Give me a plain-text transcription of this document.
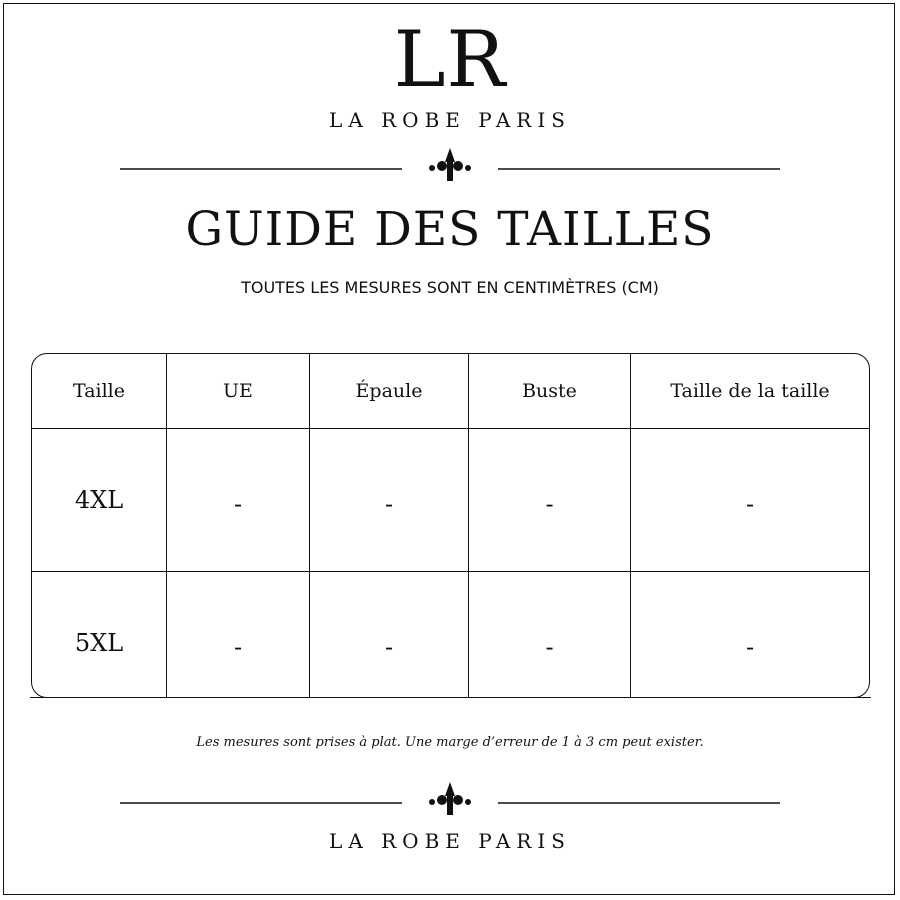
LR
LA ROBE PARIS
GUIDE DES TAILLES
TOUTES LES MESURES SONT EN CENTIMÈTRES (CM)
Taille	UE	Épaule	Buste	Taille de la taille
4XL	-	-	-	-
5XL	-	-	-	-
Les mesures sont prises à plat. Une marge d’erreur de 1 à 3 cm peut exister.
LA ROBE PARIS
